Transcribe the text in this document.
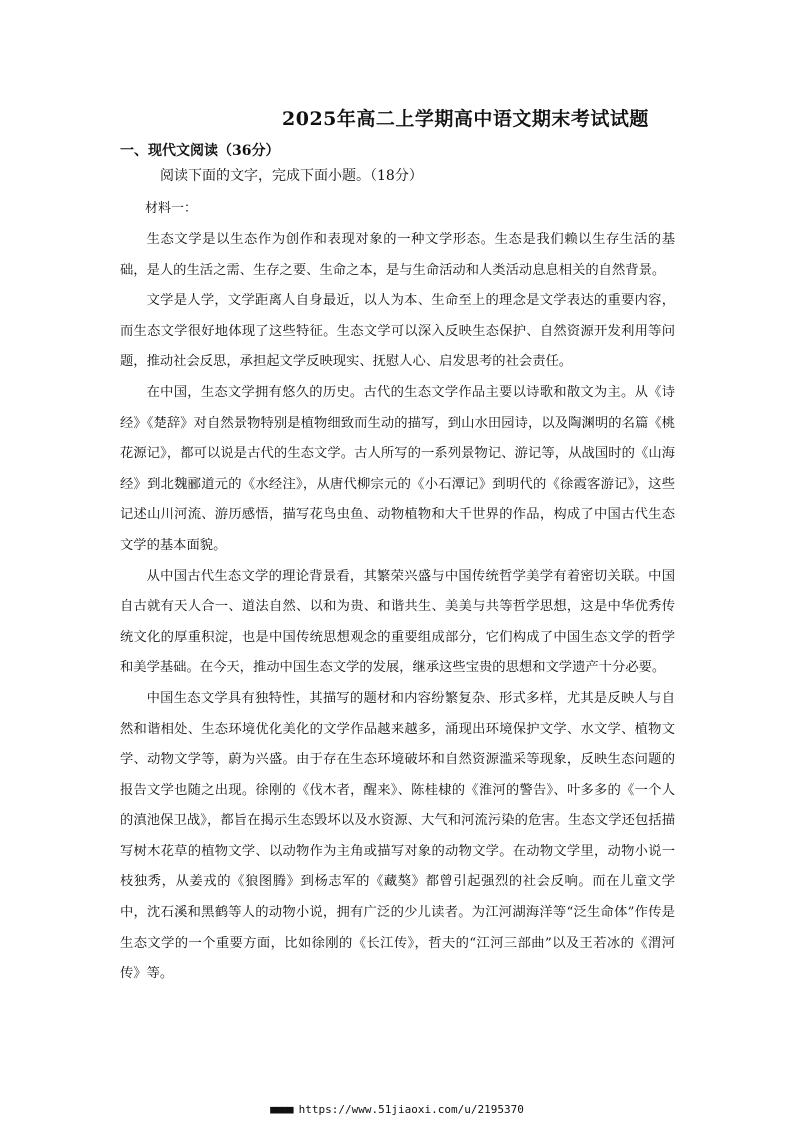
2025年高二上学期高中语文期末考试试题
一、现代文阅读（36分）
阅读下面的文字，完成下面小题。（18分）
材料一：

生态文学是以生态作为创作和表现对象的一种文学形态。生态是我们赖以生存生活的基础，是人的生活之需、生存之要、生命之本，是与生命活动和人类活动息息相关的自然背景。

文学是人学，文学距离人自身最近，以人为本、生命至上的理念是文学表达的重要内容，而生态文学很好地体现了这些特征。生态文学可以深入反映生态保护、自然资源开发利用等问题，推动社会反思，承担起文学反映现实、抚慰人心、启发思考的社会责任。

在中国，生态文学拥有悠久的历史。古代的生态文学作品主要以诗歌和散文为主。从《诗经》《楚辞》对自然景物特别是植物细致而生动的描写，到山水田园诗，以及陶渊明的名篇《桃花源记》，都可以说是古代的生态文学。古人所写的一系列景物记、游记等，从战国时的《山海经》到北魏郦道元的《水经注》，从唐代柳宗元的《小石潭记》到明代的《徐霞客游记》，这些记述山川河流、游历感悟，描写花鸟虫鱼、动物植物和大千世界的作品，构成了中国古代生态文学的基本面貌。

从中国古代生态文学的理论背景看，其繁荣兴盛与中国传统哲学美学有着密切关联。中国自古就有天人合一、道法自然、以和为贵、和谐共生、美美与共等哲学思想，这是中华优秀传统文化的厚重积淀，也是中国传统思想观念的重要组成部分，它们构成了中国生态文学的哲学和美学基础。在今天，推动中国生态文学的发展，继承这些宝贵的思想和文学遗产十分必要。

中国生态文学具有独特性，其描写的题材和内容纷繁复杂、形式多样，尤其是反映人与自然和谐相处、生态环境优化美化的文学作品越来越多，涌现出环境保护文学、水文学、植物文学、动物文学等，蔚为兴盛。由于存在生态环境破坏和自然资源滥采等现象，反映生态问题的报告文学也随之出现。徐刚的《伐木者，醒来》、陈桂棣的《淮河的警告》、叶多多的《一个人的滇池保卫战》，都旨在揭示生态毁坏以及水资源、大气和河流污染的危害。生态文学还包括描写树木花草的植物文学、以动物作为主角或描写对象的动物文学。在动物文学里，动物小说一枝独秀，从姜戎的《狼图腾》到杨志军的《藏獒》都曾引起强烈的社会反响。而在儿童文学中，沈石溪和黑鹤等人的动物小说，拥有广泛的少儿读者。为江河湖海洋等“泛生命体”作传是生态文学的一个重要方面，比如徐刚的《长江传》，哲夫的“江河三部曲”以及王若冰的《渭河传》等。

■■■■ https://www.51jiaoxi.com/u/2195370
